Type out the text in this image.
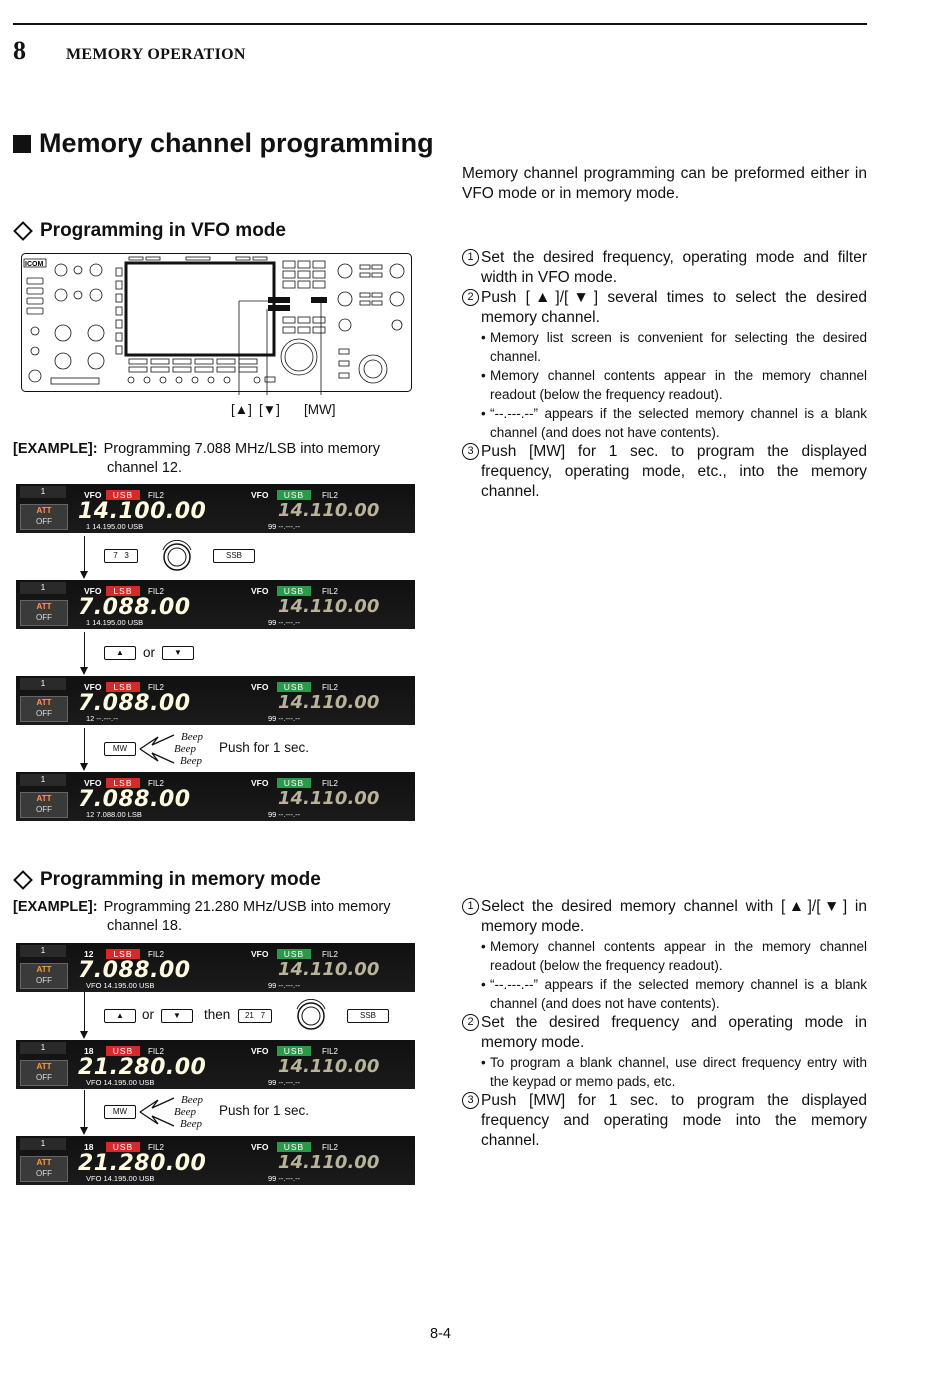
8	MEMORY OPERATION
Memory channel programming
Memory channel programming can be preformed either in VFO mode or in memory mode.
Programming in VFO mode
ICOM
[▲] [▼] [MW]
[EXAMPLE]: Programming 7.088 MHz/LSB into memory
channel 12.
1 Set the desired frequency, operating mode and filter width in VFO mode.
2 Push [▲]/[▼] several times to select the desired memory channel.
• Memory list screen is convenient for selecting the desired channel.
• Memory channel contents appear in the memory channel readout (below the frequency readout).
• “--.---.--” appears if the selected memory channel is a blank channel (and does not have contents).
3 Push [MW] for 1 sec. to program the displayed frequency, operating mode, etc., into the memory channel.
1
ATT
OFF
VFO	USB	FIL2
14.100.00
1 14.195.00 USB
VFO	USB	FIL2
14.110.00
99 --.---.--
1
ATT
OFF
VFO	LSB	FIL2
7.088.00
1 14.195.00 USB
VFO	USB	FIL2
14.110.00
99 --.---.--
1
ATT
OFF
VFO	LSB	FIL2
7.088.00
12 --.---.--
VFO	USB	FIL2
14.110.00
99 --.---.--
1
ATT
OFF
VFO	LSB	FIL2
7.088.00
12 7.088.00 LSB
VFO	USB	FIL2
14.110.00
99 --.---.--
7 3	SSB
▲	or	▼
MW
Beep
Beep
Beep
Push for 1 sec.
Programming in memory mode
[EXAMPLE]: Programming 21.280 MHz/USB into memory
channel 18.
1 Select the desired memory channel with [▲]/[▼] in memory mode.
• Memory channel contents appear in the memory channel readout (below the frequency readout).
• “--.---.--” appears if the selected memory channel is a blank channel (and does not have contents).
2 Set the desired frequency and operating mode in memory mode.
• To program a blank channel, use direct frequency entry with the keypad or memo pads, etc.
3 Push [MW] for 1 sec. to program the displayed frequency and operating mode into the memory channel.
1
ATT
OFF
12	LSB	FIL2
7.088.00
VFO 14.195.00 USB
VFO	USB	FIL2
14.110.00
99 --.---.--
1
ATT
OFF
18	USB	FIL2
21.280.00
VFO 14.195.00 USB
VFO	USB	FIL2
14.110.00
99 --.---.--
1
ATT
OFF
18	USB	FIL2
21.280.00
VFO 14.195.00 USB
VFO	USB	FIL2
14.110.00
99 --.---.--
▲	or	▼	then	21 7	SSB
MW
Beep
Beep
Beep
Push for 1 sec.
8-4
